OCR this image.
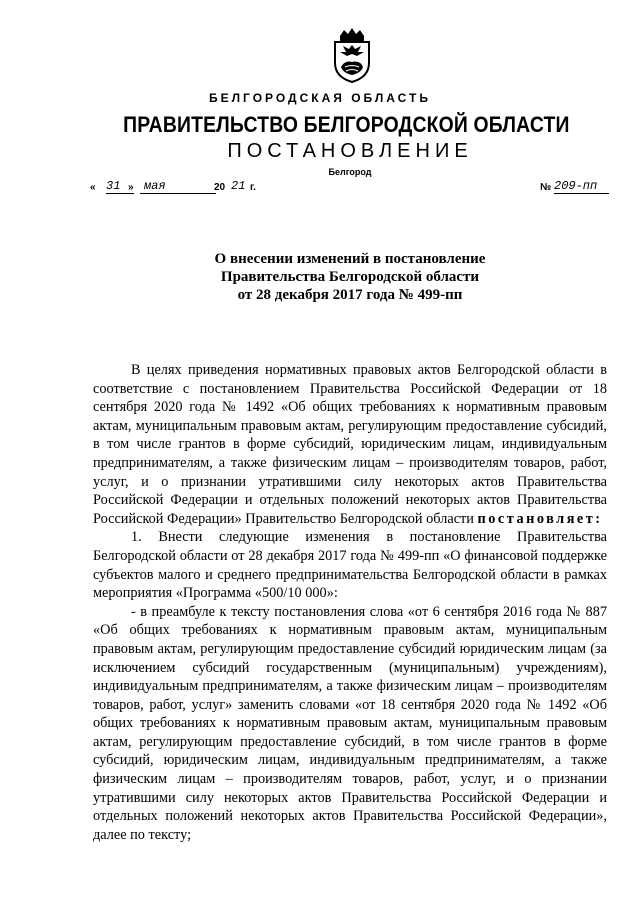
БЕЛГОРОДСКАЯ ОБЛАСТЬ
ПРАВИТЕЛЬСТВО БЕЛГОРОДСКОЙ ОБЛАСТИ
ПОСТАНОВЛЕНИЕ
Белгород
« 31 » мая	20 21 г.	№ 209-пп
О внесении изменений в постановление
Правительства Белгородской области
от 28 декабря 2017 года № 499-пп

В целях приведения нормативных правовых актов Белгородской области в соответствие с постановлением Правительства Российской Федерации от 18 сентября 2020 года № 1492 «Об общих требованиях к нормативным правовым актам, муниципальным правовым актам, регулирующим предоставление субсидий, в том числе грантов в форме субсидий, юридическим лицам, индивидуальным предпринимателям, а также физическим лицам – производителям товаров, работ, услуг, и о признании утратившими силу некоторых актов Правительства Российской Федерации и отдельных положений некоторых актов Правительства Российской Федерации» Правительство Белгородской области постановляет:

1. Внести следующие изменения в постановление Правительства Белгородской области от 28 декабря 2017 года № 499-пп «О финансовой поддержке субъектов малого и среднего предпринимательства Белгородской области в рамках мероприятия «Программа «500/10 000»:

- в преамбуле к тексту постановления слова «от 6 сентября 2016 года № 887 «Об общих требованиях к нормативным правовым актам, муниципальным правовым актам, регулирующим предоставление субсидий юридическим лицам (за исключением субсидий государственным (муниципальным) учреждениям), индивидуальным предпринимателям, а также физическим лицам – производителям товаров, работ, услуг» заменить словами «от 18 сентября 2020 года № 1492 «Об общих требованиях к нормативным правовым актам, муниципальным правовым актам, регулирующим предоставление субсидий, в том числе грантов в форме субсидий, юридическим лицам, индивидуальным предпринимателям, а также физическим лицам – производителям товаров, работ, услуг, и о признании утратившими силу некоторых актов Правительства Российской Федерации и отдельных положений некоторых актов Правительства Российской Федерации», далее по тексту;
